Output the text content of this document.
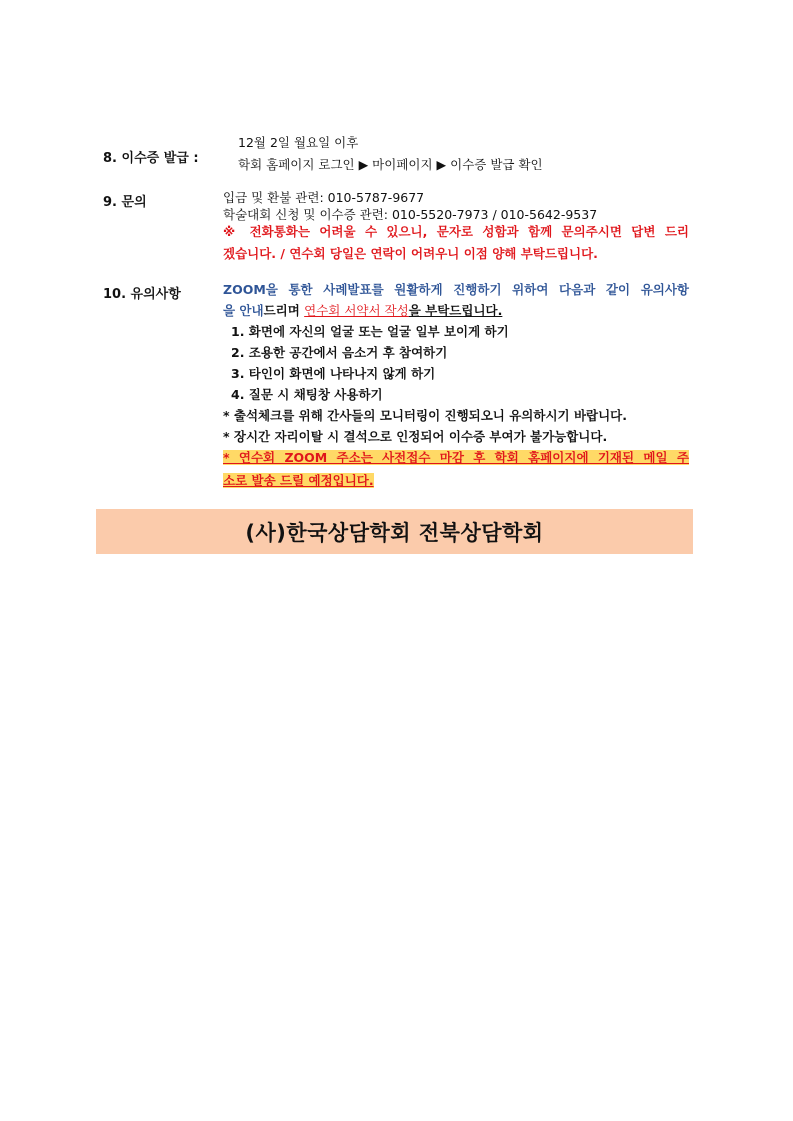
8. 이수증 발급 :
12월 2일 월요일 이후
학회 홈페이지 로그인 ▶ 마이페이지 ▶ 이수증 발급 확인
9. 문의	입금 및 환불 관련: 010-5787-9677
학술대회 신청 및 이수증 관련: 010-5520-7973 / 010-5642-9537
※ 전화통화는 어려울 수 있으니, 문자로 성함과 함께 문의주시면 답변 드리
겠습니다. / 연수회 당일은 연락이 어려우니 이점 양해 부탁드립니다.
10. 유의사항	ZOOM을 통한 사례발표를 원활하게 진행하기 위하여 다음과 같이 유의사항
을 안내드리며 연수회 서약서 작성을 부탁드립니다.
1. 화면에 자신의 얼굴 또는 얼굴 일부 보이게 하기
2. 조용한 공간에서 음소거 후 참여하기
3. 타인이 화면에 나타나지 않게 하기
4. 질문 시 채팅창 사용하기
* 출석체크를 위해 간사들의 모니터링이 진행되오니 유의하시기 바랍니다.
* 장시간 자리이탈 시 결석으로 인정되어 이수증 부여가 불가능합니다.
* 연수회 ZOOM 주소는 사전접수 마감 후 학회 홈페이지에 기재된 메일 주
소로 발송 드릴 예정입니다.
(사)한국상담학회 전북상담학회
